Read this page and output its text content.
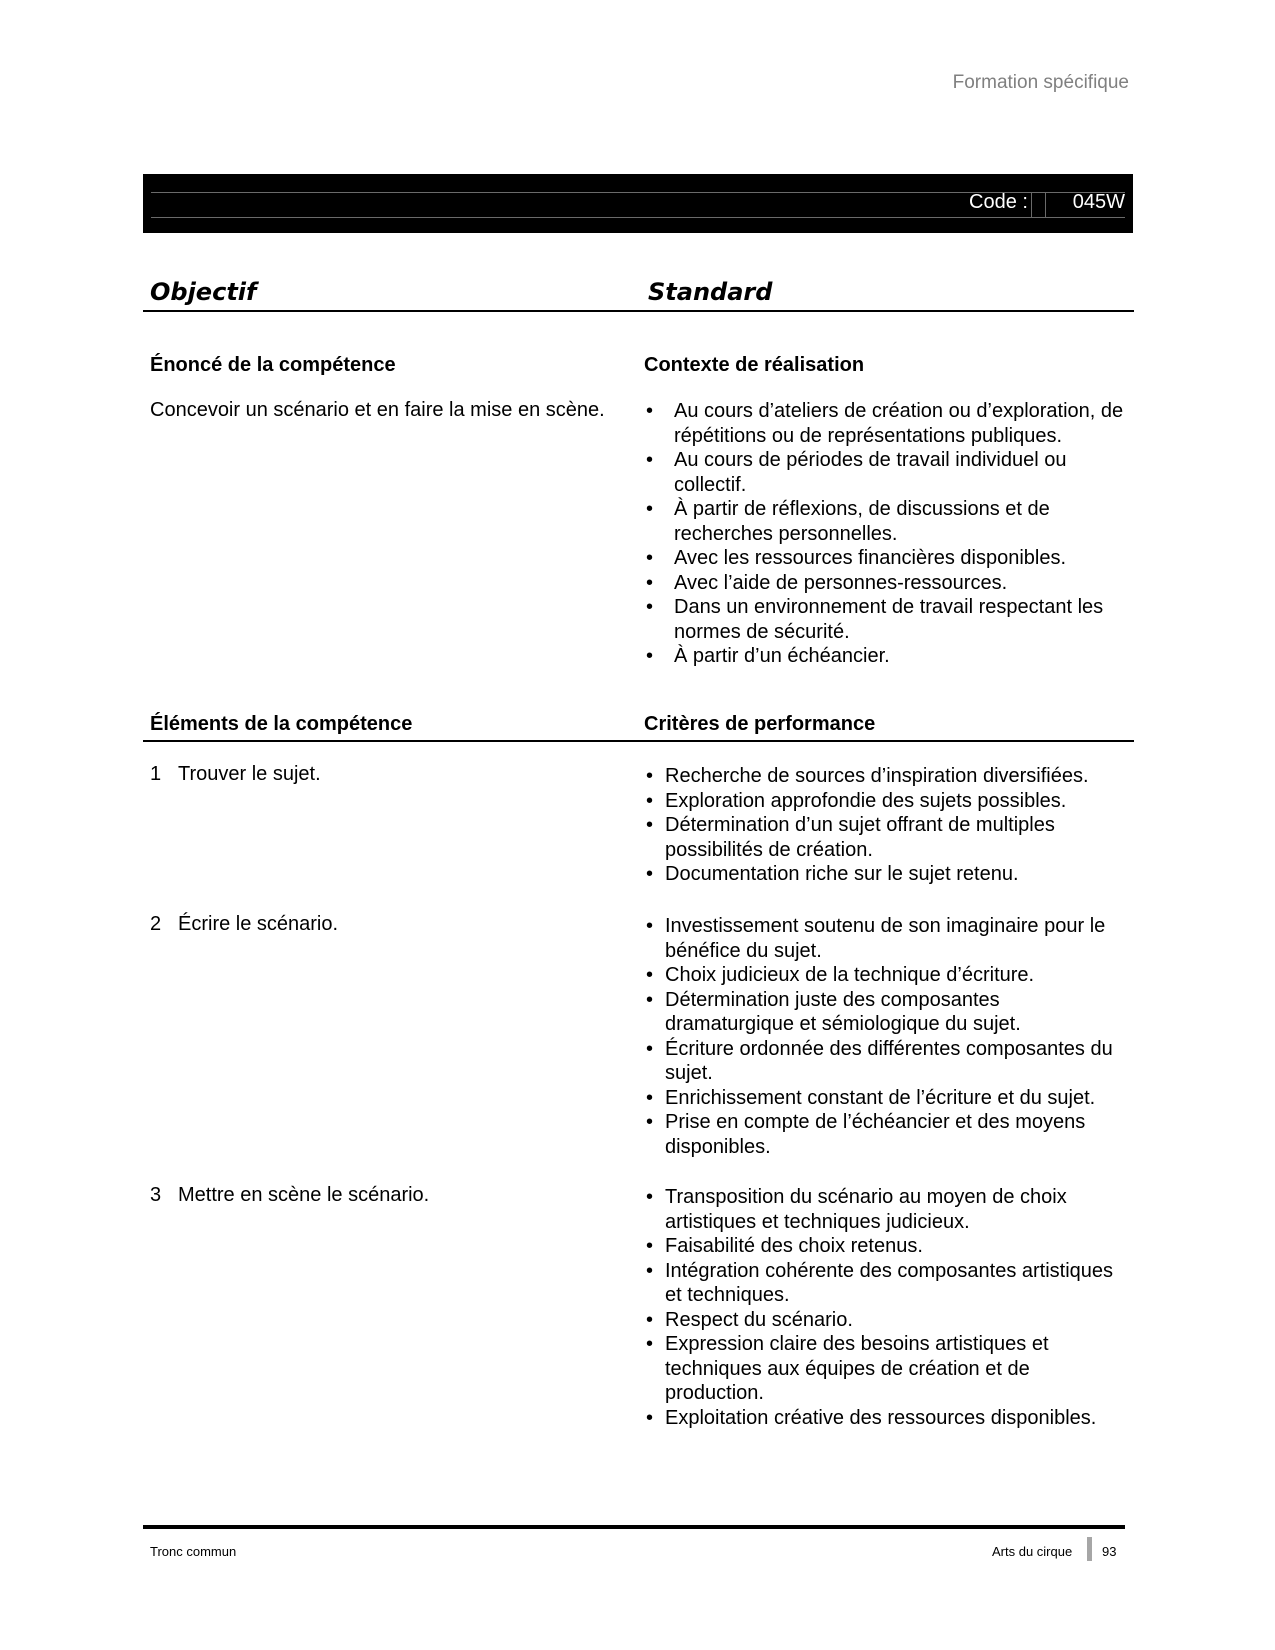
Formation spécifique
Code : 045W
Objectif	Standard
Énoncé de la compétence	Contexte de réalisation
Concevoir un scénario et en faire la mise en scène. • Au cours d’ateliers de création ou d’exploration, de répétitions ou de représentations publiques.
• Au cours de périodes de travail individuel ou collectif.
• À partir de réflexions, de discussions et de recherches personnelles.
• Avec les ressources financières disponibles.
• Avec l’aide de personnes-ressources.
• Dans un environnement de travail respectant les normes de sécurité.
• À partir d’un échéancier.
Éléments de la compétence	Critères de performance
1 Trouver le sujet.	• Recherche de sources d’inspiration diversifiées.
• Exploration approfondie des sujets possibles.
• Détermination d’un sujet offrant de multiples possibilités de création.
• Documentation riche sur le sujet retenu.
2 Écrire le scénario.	• Investissement soutenu de son imaginaire pour le bénéfice du sujet.
• Choix judicieux de la technique d’écriture.
• Détermination juste des composantes dramaturgique et sémiologique du sujet.
• Écriture ordonnée des différentes composantes du sujet.
• Enrichissement constant de l’écriture et du sujet.
• Prise en compte de l’échéancier et des moyens disponibles.
3 Mettre en scène le scénario.	• Transposition du scénario au moyen de choix artistiques et techniques judicieux.
• Faisabilité des choix retenus.
• Intégration cohérente des composantes artistiques et techniques.
• Respect du scénario.
• Expression claire des besoins artistiques et techniques aux équipes de création et de production.
• Exploitation créative des ressources disponibles.
Tronc commun	Arts du cirque 93
